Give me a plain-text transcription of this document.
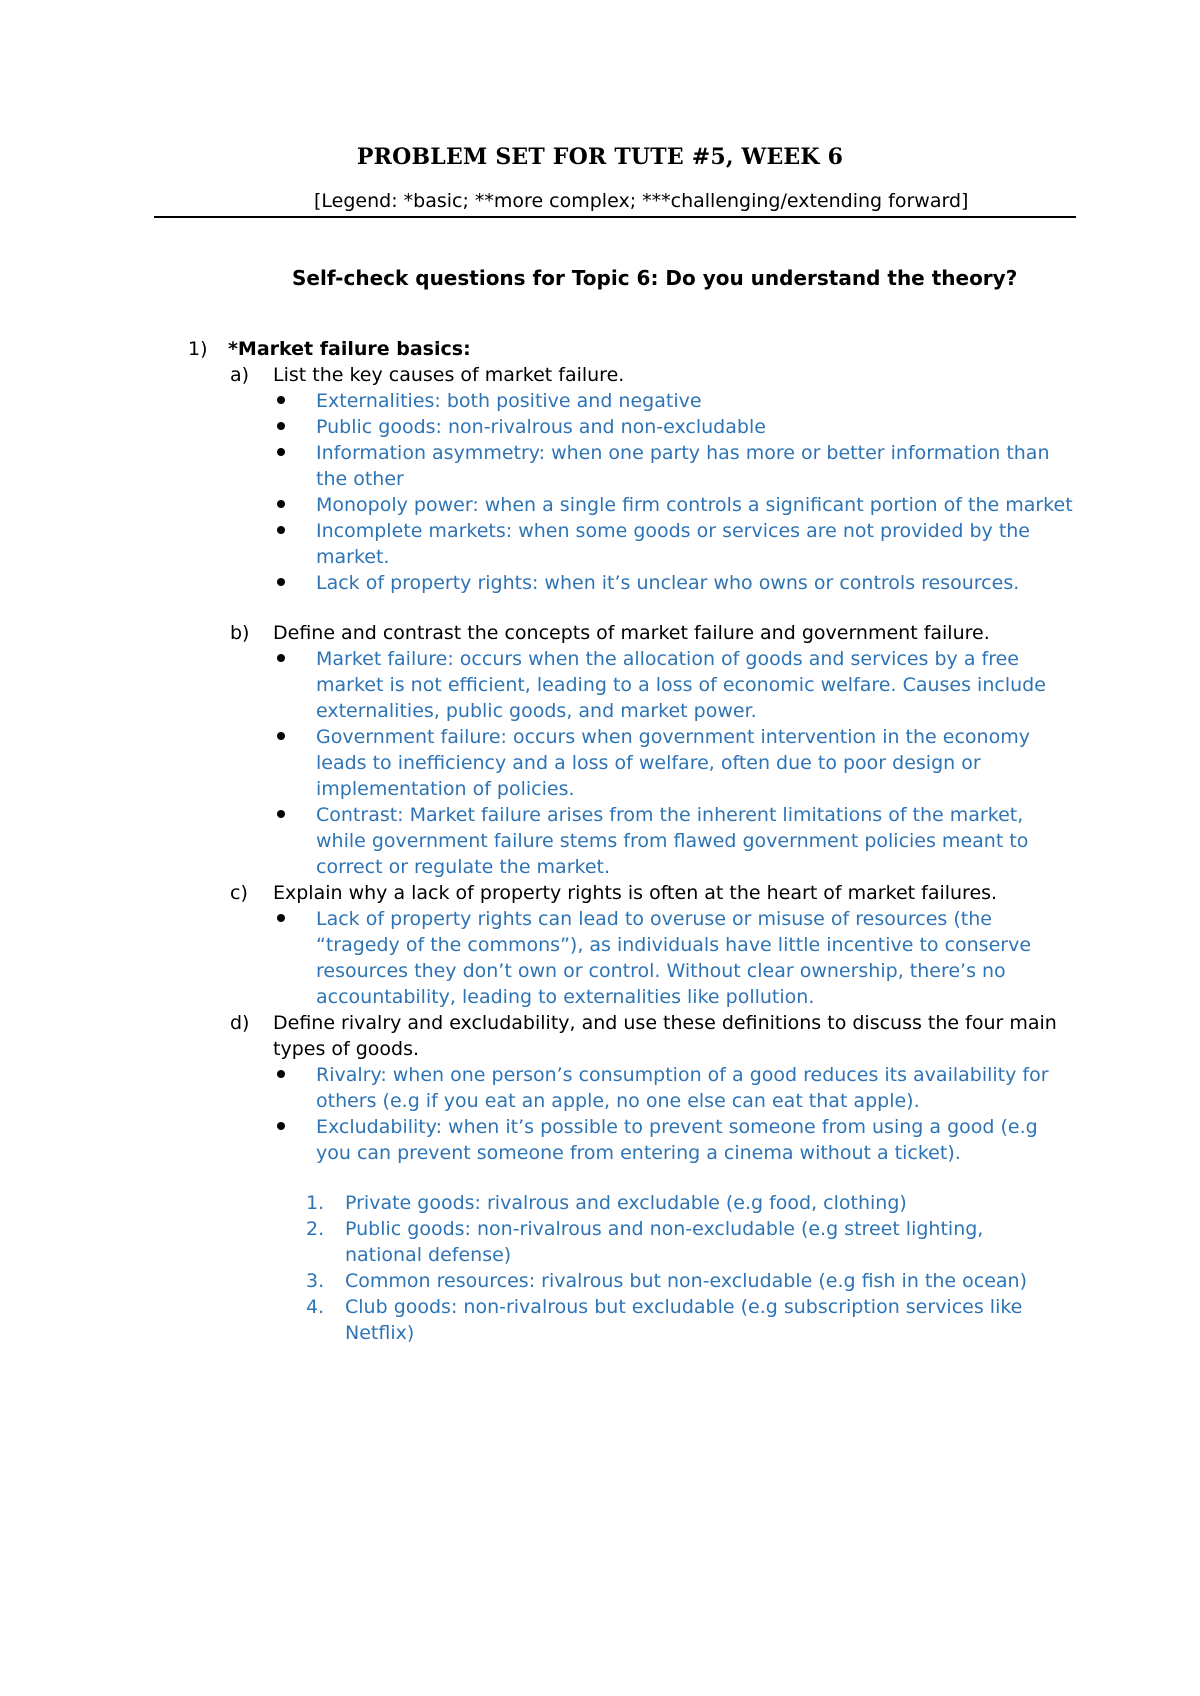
PROBLEM SET FOR TUTE #5, WEEK 6
[Legend: *basic; **more complex; ***challenging/extending forward]
Self-check questions for Topic 6: Do you understand the theory?
1) *Market failure basics:
a) List the key causes of market failure.
Externalities: both positive and negative
Public goods: non-rivalrous and non-excludable
Information asymmetry: when one party has more or better information than the other
Monopoly power: when a single firm controls a significant portion of the market
Incomplete markets: when some goods or services are not provided by the market.
Lack of property rights: when it’s unclear who owns or controls resources.
b) Define and contrast the concepts of market failure and government failure.
Market failure: occurs when the allocation of goods and services by a free market is not efficient, leading to a loss of economic welfare. Causes include externalities, public goods, and market power.
Government failure: occurs when government intervention in the economy leads to inefficiency and a loss of welfare, often due to poor design or implementation of policies.
Contrast: Market failure arises from the inherent limitations of the market, while government failure stems from flawed government policies meant to correct or regulate the market.
c) Explain why a lack of property rights is often at the heart of market failures.
Lack of property rights can lead to overuse or misuse of resources (the “tragedy of the commons”), as individuals have little incentive to conserve resources they don’t own or control. Without clear ownership, there’s no accountability, leading to externalities like pollution.
d) Define rivalry and excludability, and use these definitions to discuss the four main types of goods.
Rivalry: when one person’s consumption of a good reduces its availability for others (e.g if you eat an apple, no one else can eat that apple).
Excludability: when it’s possible to prevent someone from using a good (e.g you can prevent someone from entering a cinema without a ticket).
1. Private goods: rivalrous and excludable (e.g food, clothing)
2. Public goods: non-rivalrous and non-excludable (e.g street lighting, national defense)
3. Common resources: rivalrous but non-excludable (e.g fish in the ocean)
4. Club goods: non-rivalrous but excludable (e.g subscription services like Netflix)
